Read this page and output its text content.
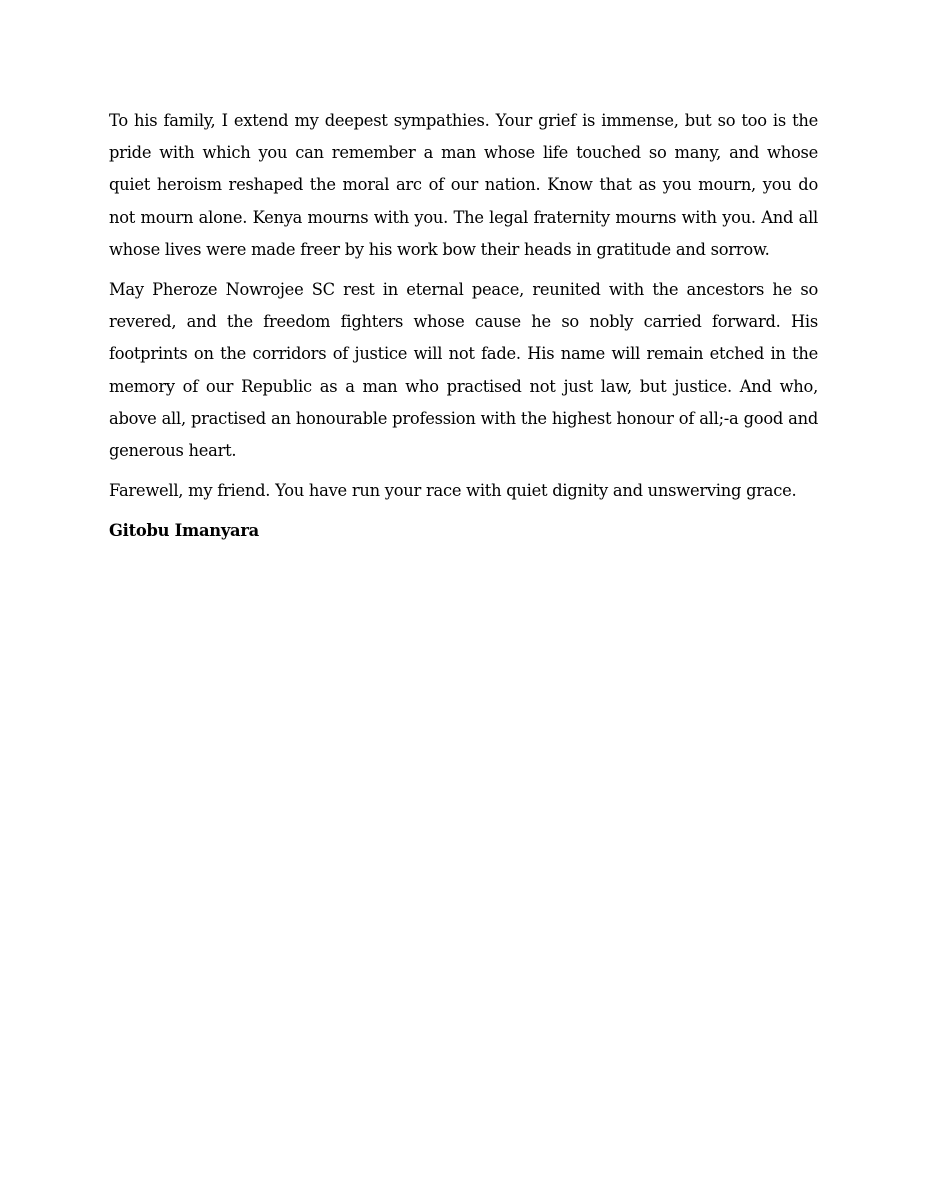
To his family, I extend my deepest sympathies. Your grief is immense, but so too is the pride with which you can remember a man whose life touched so many, and whose quiet heroism reshaped the moral arc of our nation. Know that as you mourn, you do not mourn alone. Kenya mourns with you. The legal fraternity mourns with you. And all whose lives were made freer by his work bow their heads in gratitude and sorrow.

May Pheroze Nowrojee SC rest in eternal peace, reunited with the ancestors he so revered, and the freedom fighters whose cause he so nobly carried forward. His footprints on the corridors of justice will not fade. His name will remain etched in the memory of our Republic as a man who practised not just law, but justice. And who, above all, practised an honourable profession with the highest honour of all;-a good and generous heart.

Farewell, my friend. You have run your race with quiet dignity and unswerving grace.

Gitobu Imanyara
